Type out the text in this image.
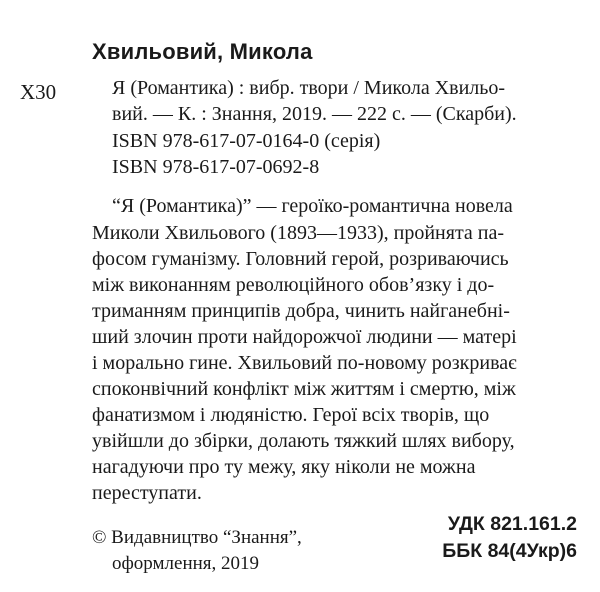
Хвильовий, Микола
Х30	Я (Романтика) : вибр. твори / Микола Хвильо-
вий. — К. : Знання, 2019. — 222 с. — (Скарби).
ISBN 978-617-07-0164-0 (серія)
ISBN 978-617-07-0692-8
“Я (Романтика)” — героїко-романтична новела
Миколи Хвильового (1893—1933), пройнята па-
фосом гуманізму. Головний герой, розриваючись
між виконанням революційного обов’язку і до-
триманням принципів добра, чинить найганебні-
ший злочин проти найдорожчої людини — матері
і морально гине. Хвильовий по-новому розкриває
споконвічний конфлікт між життям і смертю, між
фанатизмом і людяністю. Герої всіх творів, що
увійшли до збірки, долають тяжкий шлях вибору,
нагадуючи про ту межу, яку ніколи не можна
переступати.
© Видавництво “Знання”,
оформлення, 2019
УДК 821.161.2
ББК 84(4Укр)6
